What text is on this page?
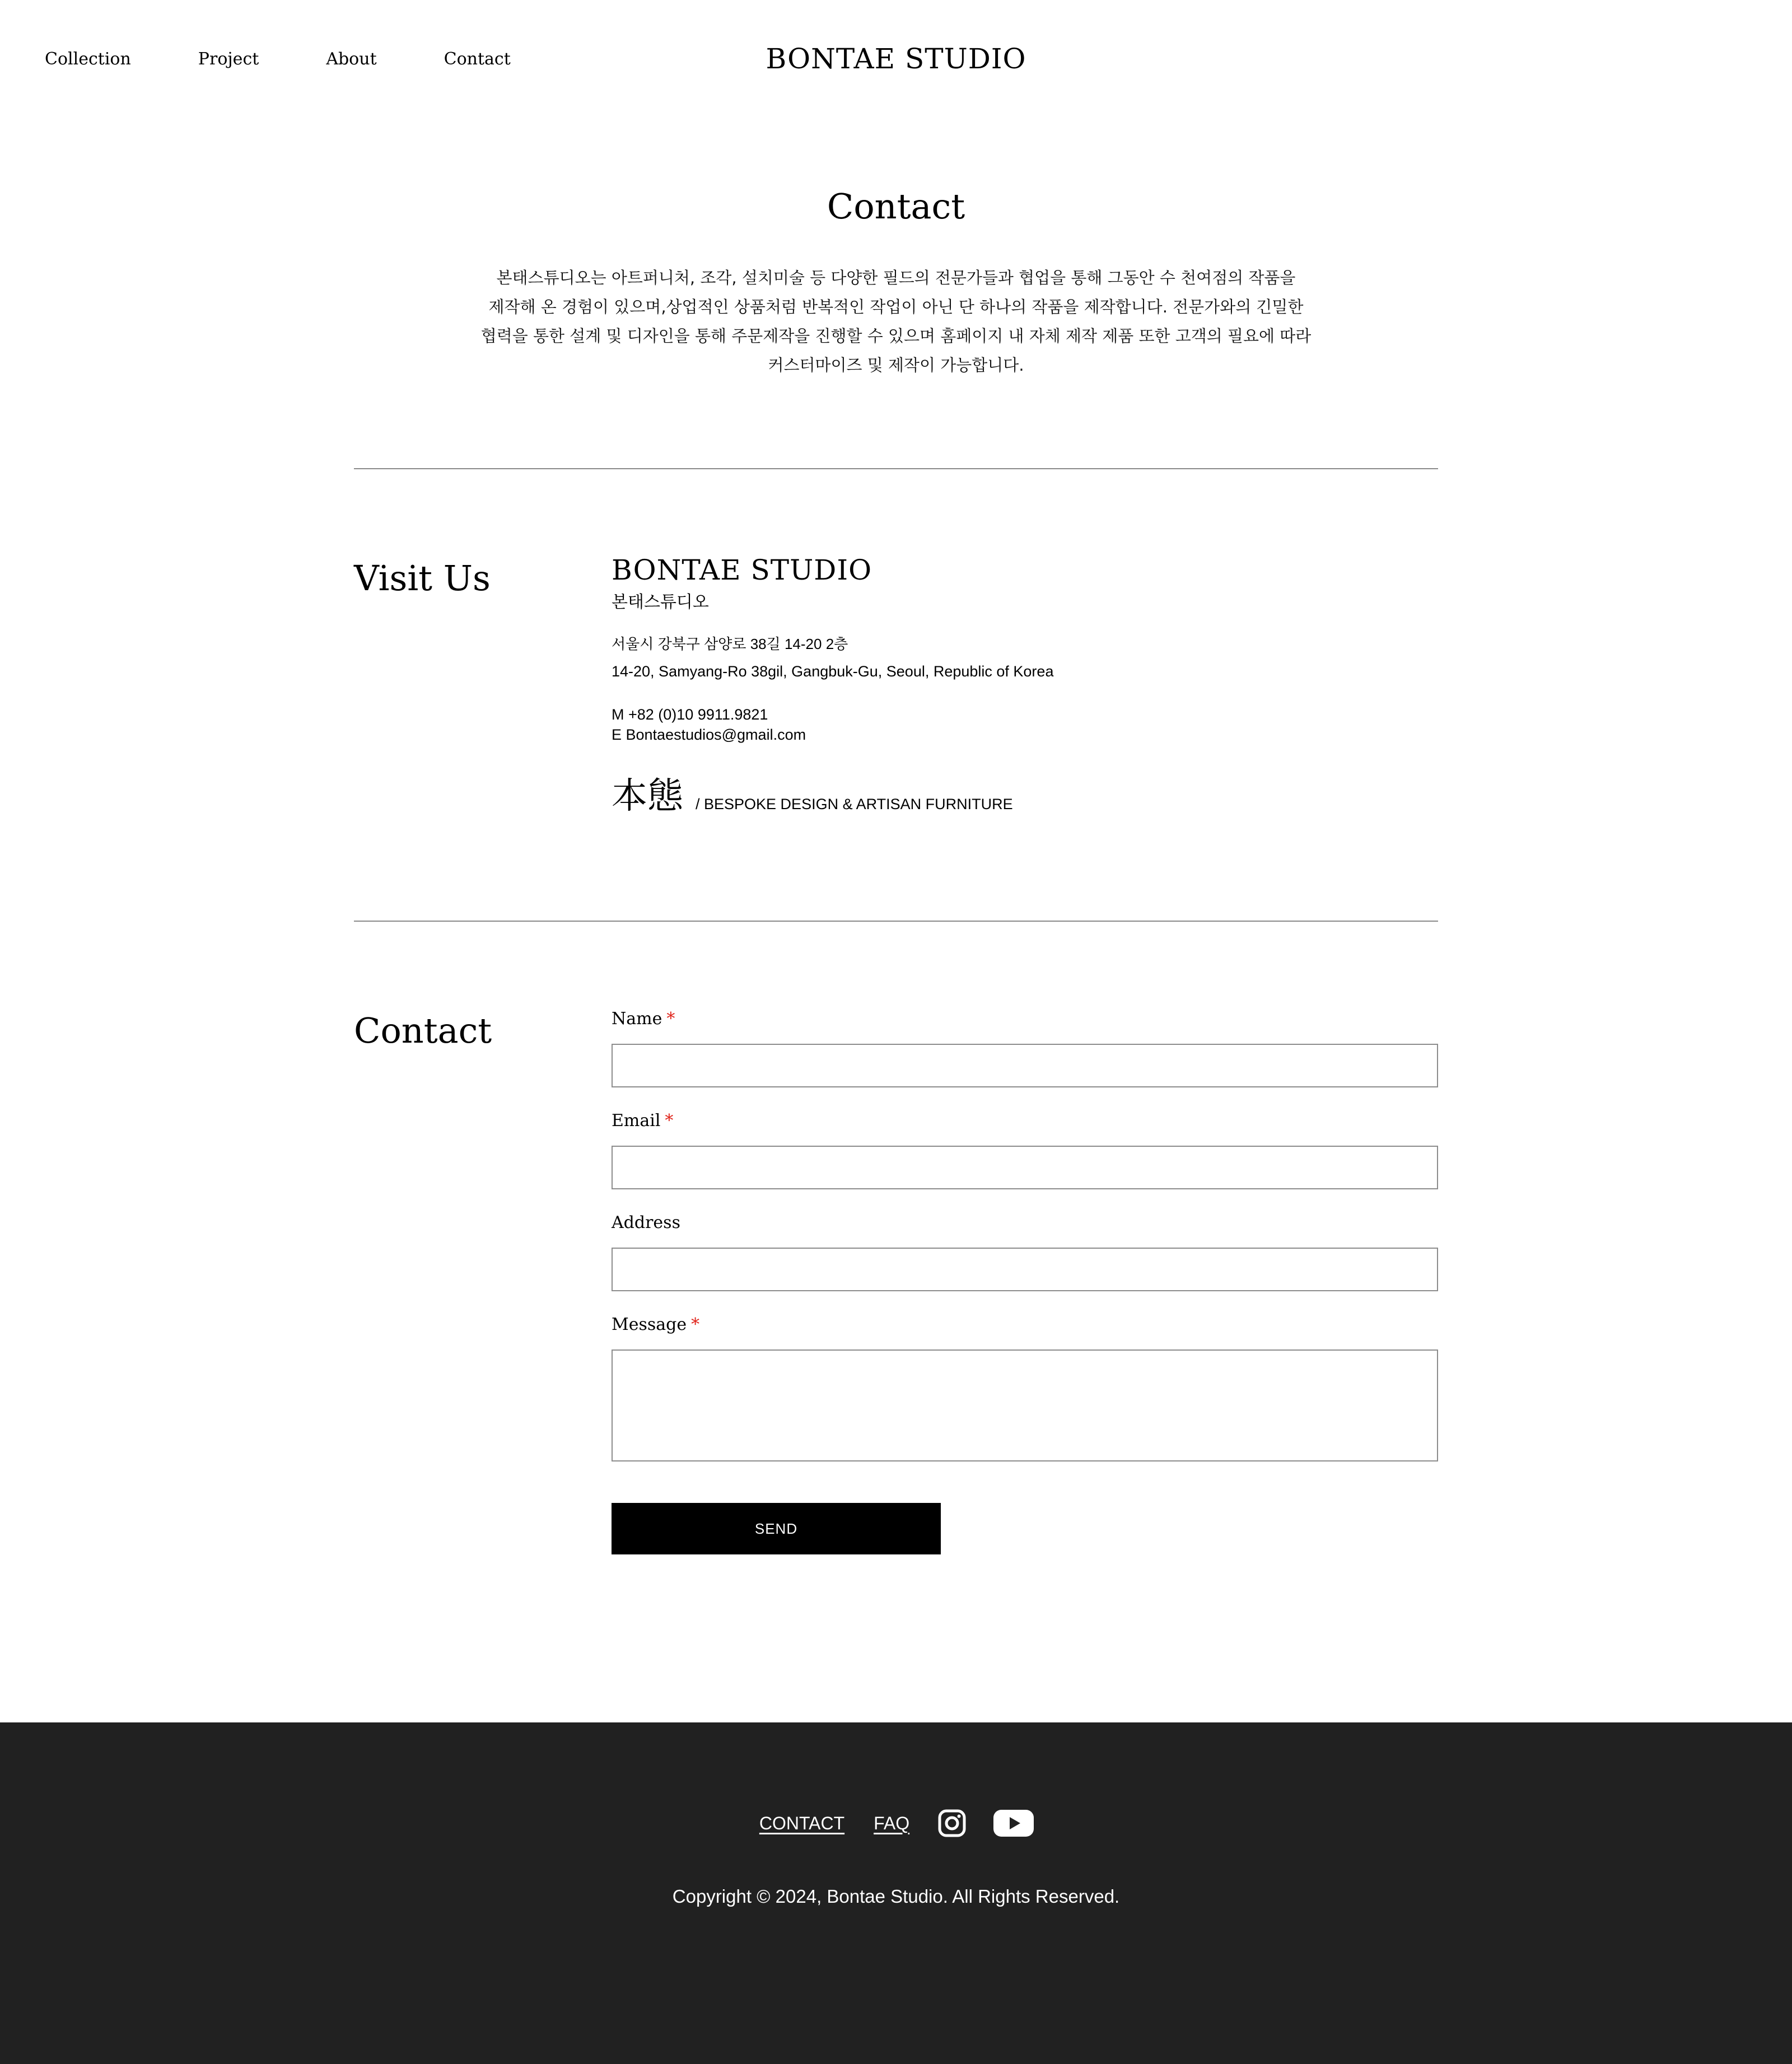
Collection	Project	About	Contact	BONTAE STUDIO
Contact

본태스튜디오는 아트퍼니처, 조각, 설치미술 등 다양한 필드의 전문가들과 협업을 통해 그동안 수 천여점의 작품을 제작해 온 경험이 있으며,상업적인 상품처럼 반복적인 작업이 아닌 단 하나의 작품을 제작합니다. 전문가와의 긴밀한 협력을 통한 설계 및 디자인을 통해 주문제작을 진행할 수 있으며 홈페이지 내 자체 제작 제품 또한 고객의 필요에 따라 커스터마이즈 및 제작이 가능합니다.

Visit Us	BONTAE STUDIO
본태스튜디오
서울시 강북구 삼양로 38길 14-20 2층
14-20, Samyang-Ro 38gil, Gangbuk-Gu, Seoul, Republic of Korea
M +82 (0)10 9911.9821
E Bontaestudios@gmail.com
本態 / BESPOKE DESIGN & ARTISAN FURNITURE
Contact	Name *
Email *
Address
Message *
SEND
CONTACT FAQ
Copyright © 2024, Bontae Studio. All Rights Reserved.
